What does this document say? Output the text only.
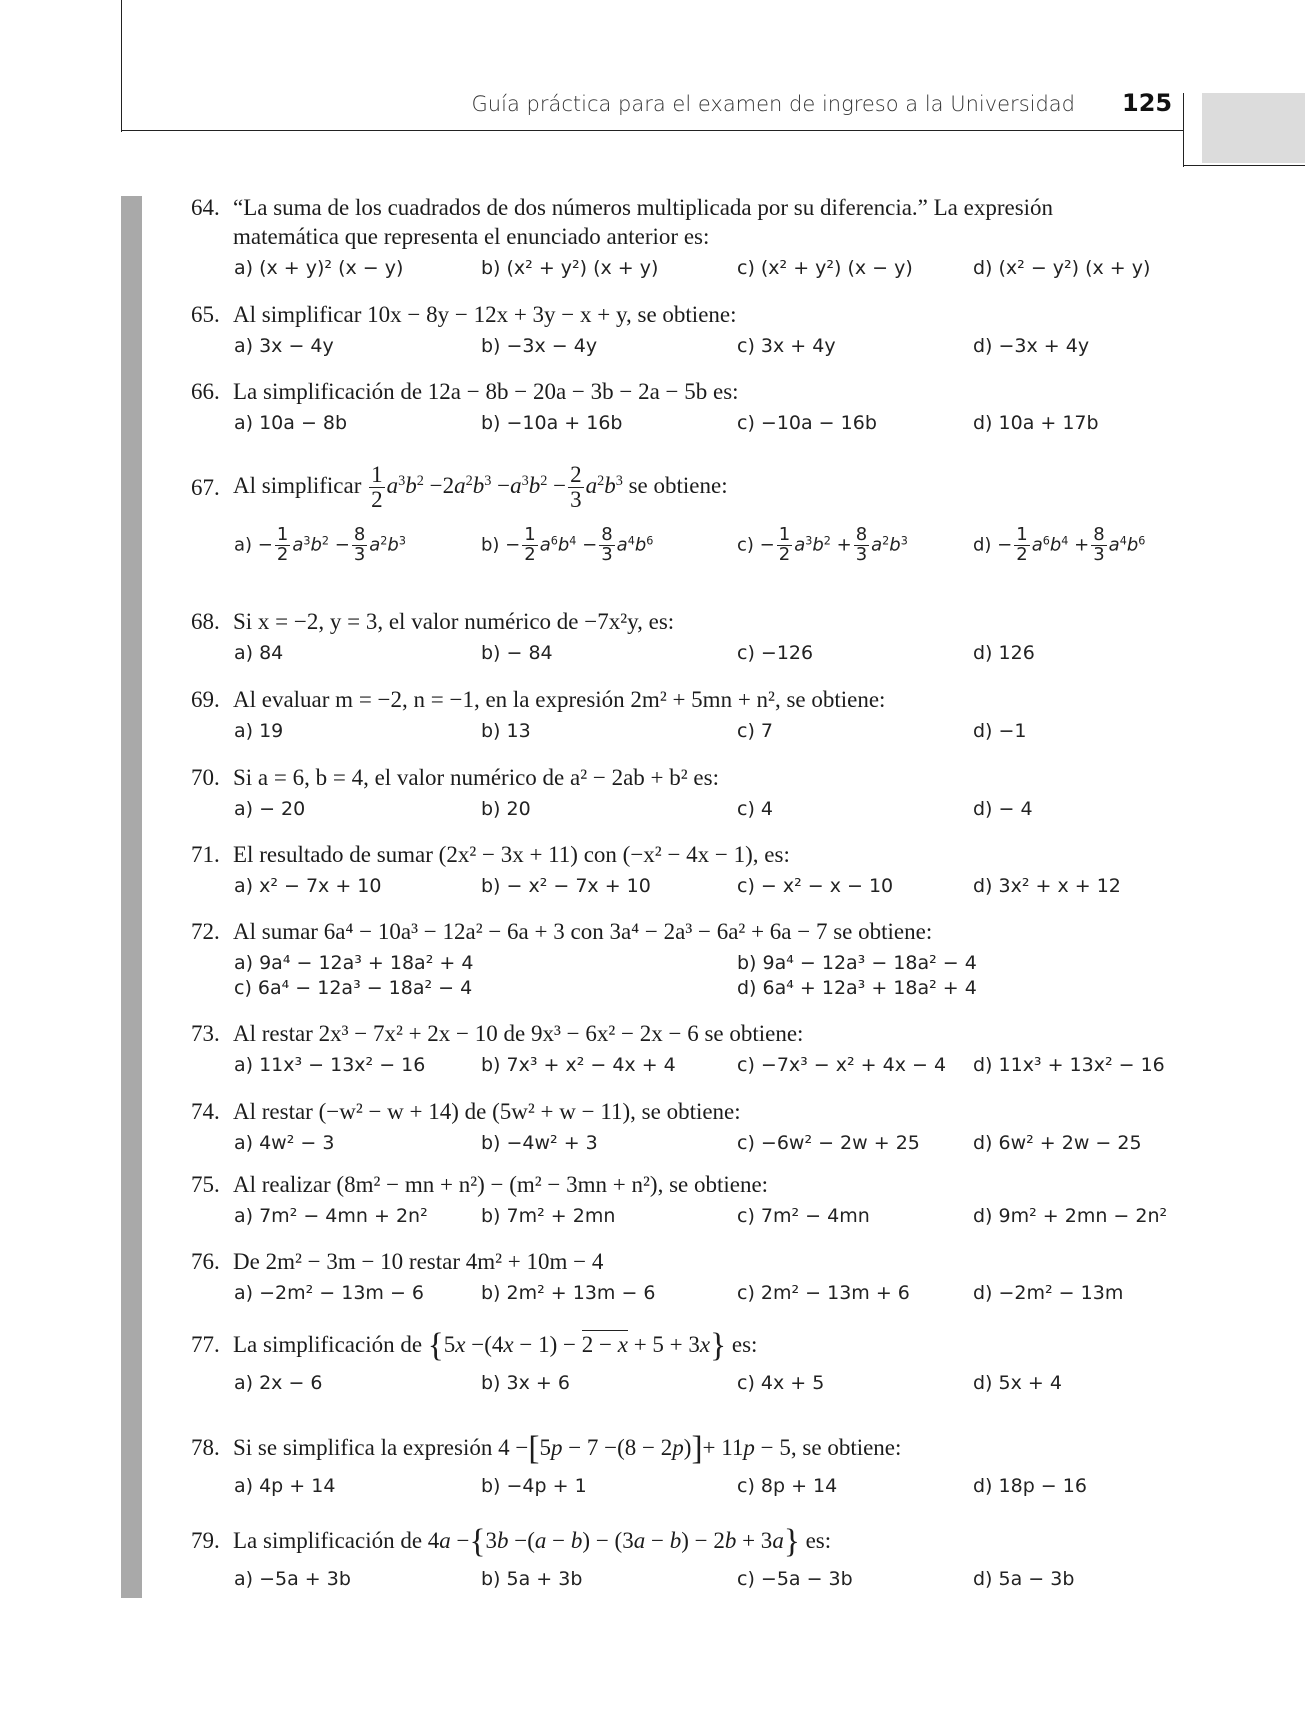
Guía práctica para el examen de ingreso a la Universidad 125
64. “La suma de los cuadrados de dos números multiplicada por su diferencia.” La expresión
matemática que representa el enunciado anterior es:
a) (x + y)² (x − y)	b) (x² + y²) (x + y)	c) (x² + y²) (x − y)	d) (x² − y²) (x + y)
65. Al simplificar 10x − 8y − 12x + 3y − x + y, se obtiene:
a) 3x − 4y	b) −3x − 4y	c) 3x + 4y	d) −3x + 4y
66. La simplificación de 12a − 8b − 20a − 3b − 2a − 5b es:
a) 10a − 8b	b) −10a + 16b	c) −10a − 16b	d) 10a + 17b
67. Al simplificar $\frac{1}{2} a^3b^2 -2a^2b^3 -a^3b^2 - \frac{2}{3} a^2b^3$ se obtiene:
$a) - \frac{1}{2} a^3b^2 - \frac{8}{3} a^2b^3$	$b) - \frac{1}{2} a^6b^4 - \frac{8}{3} a^4b^6$	$c) - \frac{1}{2} a^3b^2 + \frac{8}{3} a^2b^3$	$d) - \frac{1}{2} a^6b^4 + \frac{8}{3} a^4b^6$
68. Si x = −2, y = 3, el valor numérico de −7x²y, es:
a) 84	b) − 84	c) −126	d) 126
69. Al evaluar m = −2, n = −1, en la expresión 2m² + 5mn + n², se obtiene:
a) 19	b) 13	c) 7	d) −1
70. Si a = 6, b = 4, el valor numérico de a² − 2ab + b² es:
a) − 20	b) 20	c) 4	d) − 4
71. El resultado de sumar (2x² − 3x + 11) con (−x² − 4x − 1), es:
a) x² − 7x + 10	b) − x² − 7x + 10	c) − x² − x − 10	d) 3x² + x + 12
72. Al sumar 6a⁴ − 10a³ − 12a² − 6a + 3 con 3a⁴ − 2a³ − 6a² + 6a − 7 se obtiene:
a) 9a⁴ − 12a³ + 18a² + 4	b) 9a⁴ − 12a³ − 18a² − 4
c) 6a⁴ − 12a³ − 18a² − 4	d) 6a⁴ + 12a³ + 18a² + 4
73. Al restar 2x³ − 7x² + 2x − 10 de 9x³ − 6x² − 2x − 6 se obtiene:
a) 11x³ − 13x² − 16	b) 7x³ + x² − 4x + 4	c) −7x³ − x² + 4x − 4 d) 11x³ + 13x² − 16
74. Al restar (−w² − w + 14) de (5w² + w − 11), se obtiene:
a) 4w² − 3	b) −4w² + 3	c) −6w² − 2w + 25	d) 6w² + 2w − 25
75. Al realizar (8m² − mn + n²) − (m² − 3mn + n²), se obtiene:
a) 7m² − 4mn + 2n²	b) 7m² + 2mn	c) 7m² − 4mn	d) 9m² + 2mn − 2n²
76. De 2m² − 3m − 10 restar 4m² + 10m − 4
a) −2m² − 13m − 6	b) 2m² + 13m − 6	c) 2m² − 13m + 6	d) −2m² − 13m
77. La simplificación de {5x −(4x − 1) − 2 − x + 5 + 3x} es:
a) 2x − 6	b) 3x + 6	c) 4x + 5	d) 5x + 4
78. Si se simplifica la expresión 4 −[5p − 7 −(8 − 2p)]+ 11p − 5, se obtiene:
a) 4p + 14	b) −4p + 1	c) 8p + 14	d) 18p − 16
79. La simplificación de 4a −{3b −(a − b) − (3a − b) − 2b + 3a} es:
a) −5a + 3b	b) 5a + 3b	c) −5a − 3b	d) 5a − 3b
